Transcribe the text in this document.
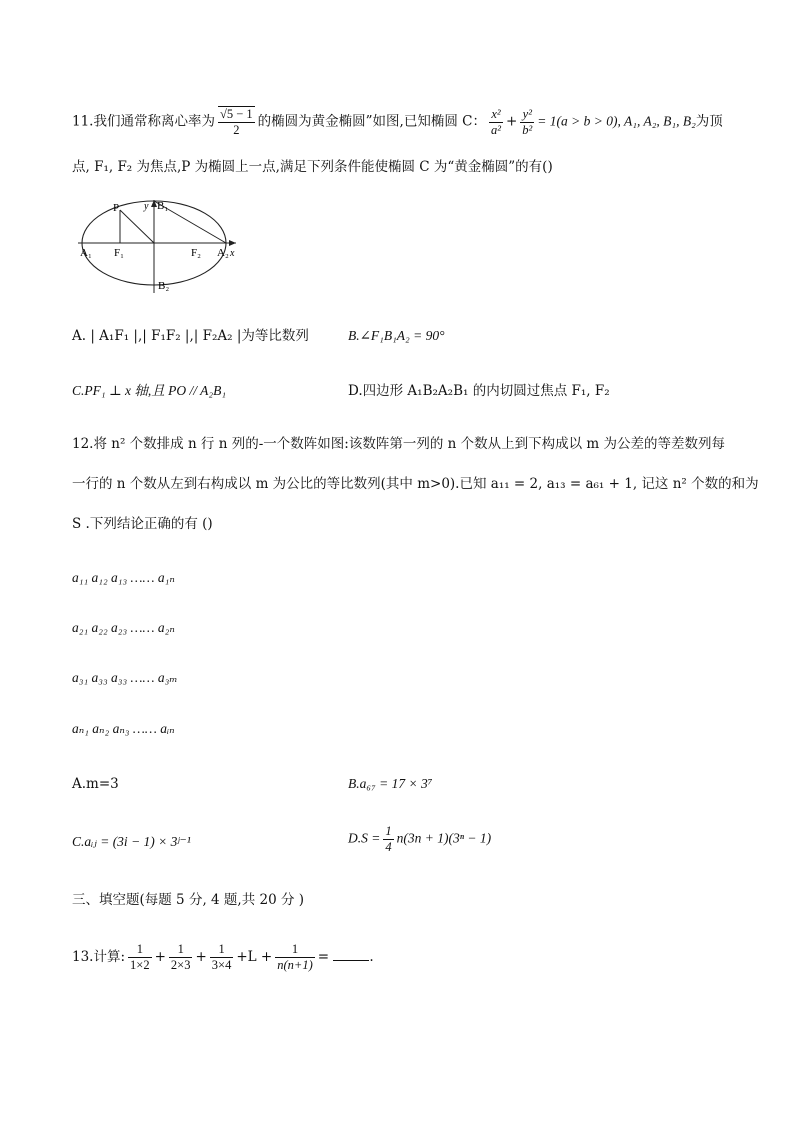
11.我们通常称离心率为 $\frac{√5 - 1}{2}$ 的椭圆为黄金椭圆”如图,已知椭圆 C： $\frac{\text{x²}}{\text{a²}} + \frac{\text{y²}}{\text{b²}} = 1(a > b > 0)$, A₁, A₂, B₁, B₂为顶
点, F₁, F₂ 为焦点,P 为椭圆上一点,满足下列条件能使椭圆 C 为“黄金椭圆”的有()
P y B₁
A₁ F₁	F₂ A₂ x
B₂
A. | A₁F₁ |,| F₁F₂ |,| F₂A₂ |为等比数列	B.∠F₁B₁A₂ = 90°
C.PF₁ ⊥ x 轴,且 PO // A₂B₁	D.四边形 A₁B₂A₂B₁ 的内切圆过焦点 F₁, F₂
12.将 n² 个数排成 n 行 n 列的-一个数阵如图:该数阵第一列的 n 个数从上到下构成以 m 为公差的等差数列每
一行的 n 个数从左到右构成以 m 为公比的等比数列(其中 m>0).已知 a₁₁ = 2, a₁₃ = a₆₁ + 1, 记这 n² 个数的和为
S .下列结论正确的有 ()
a₁₁ a₁₂ a₁₃ …… a₁ₙ
a₂₁ a₂₂ a₂₃ …… a₂ₙ
a₃₁ a₃₃ a₃₃ …… a₃ₘ
aₙ₁ aₙ₂ aₙ₃ …… aᵢₙ
A.m=3	B.a₆₇ = 17 × 3⁷
C.aᵢⱼ = (3i − 1) × 3ʲ⁻¹	$D.S = \frac{1}{4} n(3n + 1)(3^n - 1)$
三、填空题(每题 5 分, 4 题,共 20 分 )
13.计算: $\frac{1}{1\times 2} + \frac{1}{2\times 3} + \frac{1}{3\times 4} +L + \frac{1}{n(n+1)}$ =	.
